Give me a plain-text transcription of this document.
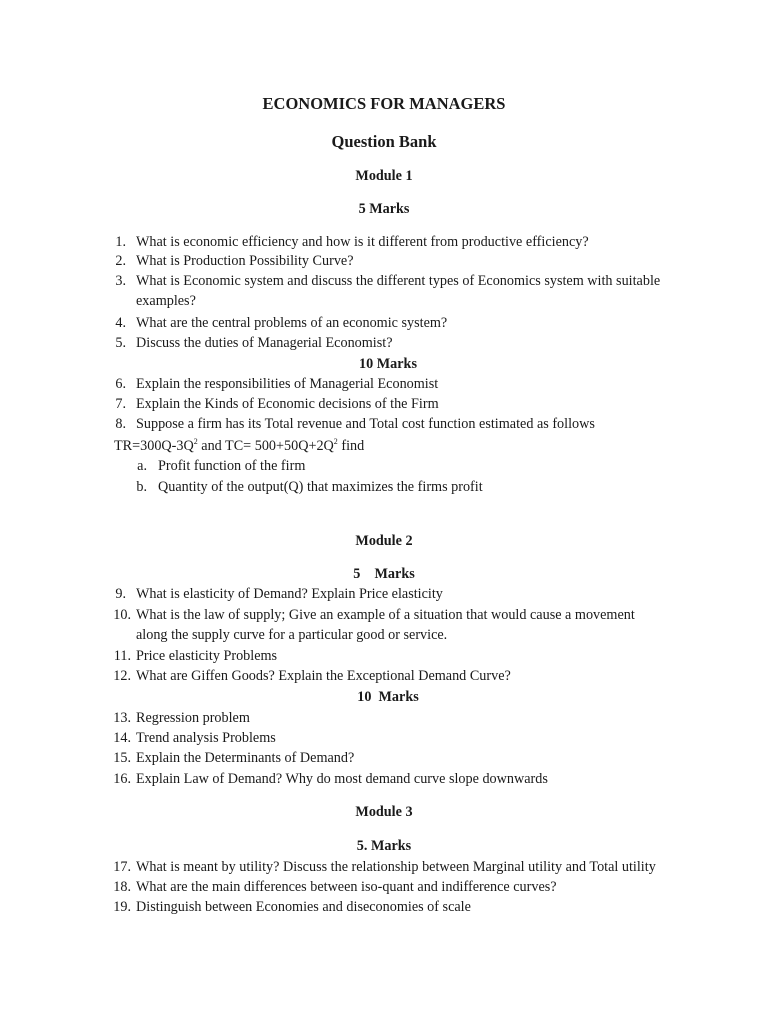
ECONOMICS FOR MANAGERS
Question Bank
Module 1
5 Marks
1. What is economic efficiency and how is it different from productive efficiency?
2. What is Production Possibility Curve?
3. What is Economic system and discuss the different types of Economics system with suitable
examples?
4. What are the central problems of an economic system?
5. Discuss the duties of Managerial Economist?
10 Marks
6. Explain the responsibilities of Managerial Economist
7. Explain the Kinds of Economic decisions of the Firm
8. Suppose a firm has its Total revenue and Total cost function estimated as follows
$TR=300Q-3Q^2$ and $TC= 500+50Q+2Q^2$ find
a. Profit function of the firm
b. Quantity of the output(Q) that maximizes the firms profit
Module 2
5    Marks
9. What is elasticity of Demand? Explain Price elasticity
10. What is the law of supply; Give an example of a situation that would cause a movement
along the supply curve for a particular good or service.
11. Price elasticity Problems
12. What are Giffen Goods? Explain the Exceptional Demand Curve?
10  Marks
13. Regression problem
14. Trend analysis Problems
15. Explain the Determinants of Demand?
16. Explain Law of Demand? Why do most demand curve slope downwards
Module 3
5. Marks
17. What is meant by utility? Discuss the relationship between Marginal utility and Total utility
18. What are the main differences between iso-quant and indifference curves?
19. Distinguish between Economies and diseconomies of scale
